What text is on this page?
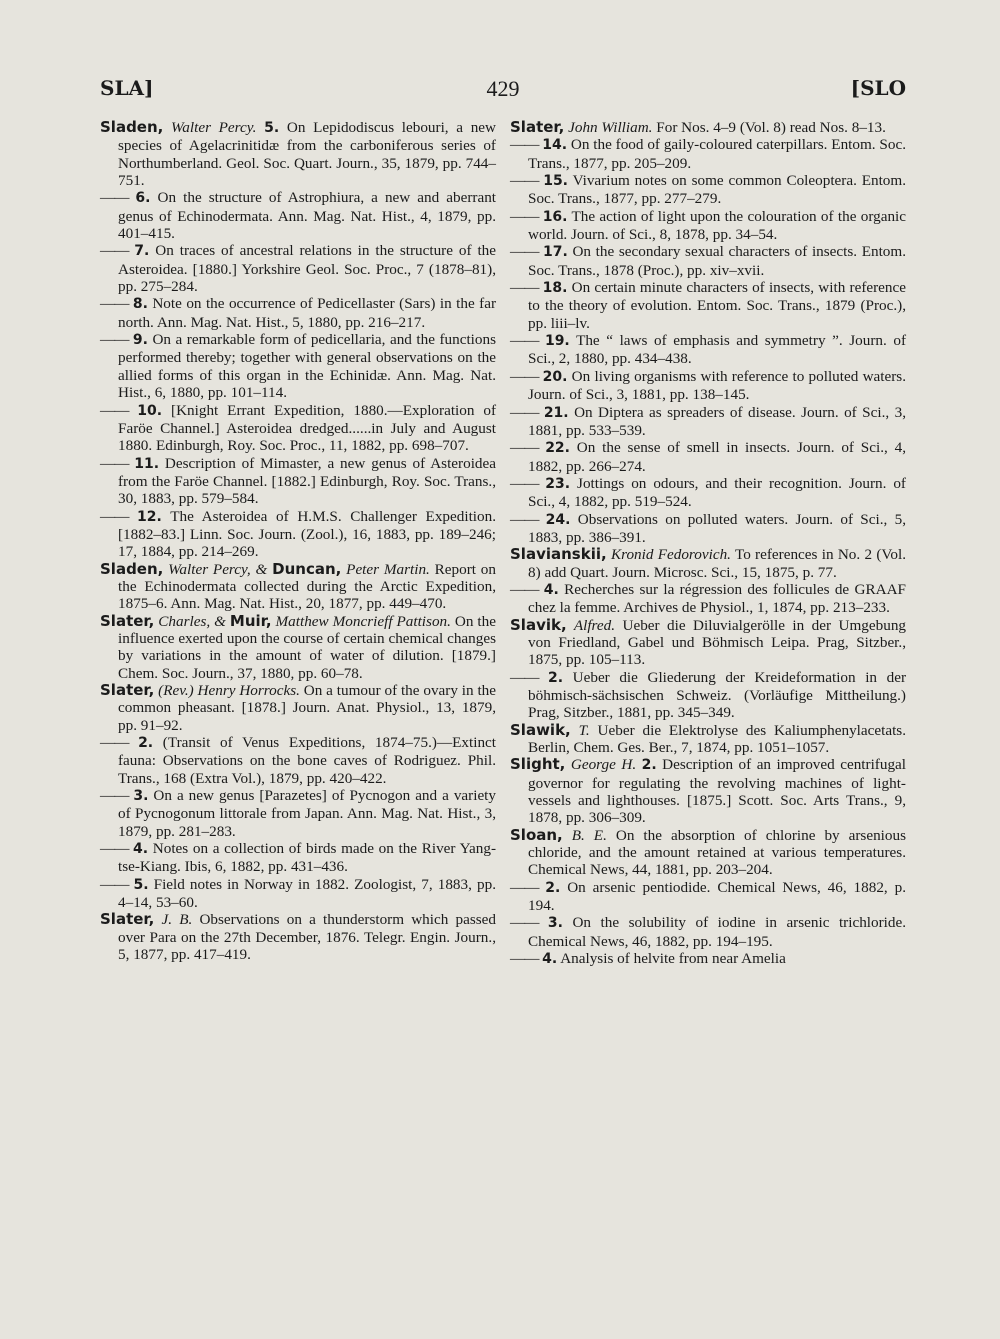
SLA]	429	[SLO

Sladen, Walter Percy. 5. On Lepidodiscus lebouri, a new species of Agelacrinitidæ from the carboniferous series of Northumberland. Geol. Soc. Quart. Journ., 35, 1879, pp. 744–751.

—— 6. On the structure of Astrophiura, a new and aberrant genus of Echinodermata. Ann. Mag. Nat. Hist., 4, 1879, pp. 401–415.

—— 7. On traces of ancestral relations in the structure of the Asteroidea. [1880.] Yorkshire Geol. Soc. Proc., 7 (1878–81), pp. 275–284.

—— 8. Note on the occurrence of Pedicellaster (Sars) in the far north. Ann. Mag. Nat. Hist., 5, 1880, pp. 216–217.

—— 9. On a remarkable form of pedicellaria, and the functions performed thereby; together with general observations on the allied forms of this organ in the Echinidæ. Ann. Mag. Nat. Hist., 6, 1880, pp. 101–114.

—— 10. [Knight Errant Expedition, 1880.—Exploration of Faröe Channel.] Asteroidea dredged......in July and August 1880. Edinburgh, Roy. Soc. Proc., 11, 1882, pp. 698–707.

—— 11. Description of Mimaster, a new genus of Asteroidea from the Faröe Channel. [1882.] Edinburgh, Roy. Soc. Trans., 30, 1883, pp. 579–584.

—— 12. The Asteroidea of H.M.S. Challenger Expedition. [1882–83.] Linn. Soc. Journ. (Zool.), 16, 1883, pp. 189–246; 17, 1884, pp. 214–269.

Sladen, Walter Percy, & Duncan, Peter Martin. Report on the Echinodermata collected during the Arctic Expedition, 1875–6. Ann. Mag. Nat. Hist., 20, 1877, pp. 449–470.

Slater, Charles, & Muir, Matthew Moncrieff Pattison. On the influence exerted upon the course of certain chemical changes by variations in the amount of water of dilution. [1879.] Chem. Soc. Journ., 37, 1880, pp. 60–78.

Slater, (Rev.) Henry Horrocks. On a tumour of the ovary in the common pheasant. [1878.] Journ. Anat. Physiol., 13, 1879, pp. 91–92.

—— 2. (Transit of Venus Expeditions, 1874–75.)—Extinct fauna: Observations on the bone caves of Rodriguez. Phil. Trans., 168 (Extra Vol.), 1879, pp. 420–422.

—— 3. On a new genus [Parazetes] of Pycnogon and a variety of Pycnogonum littorale from Japan. Ann. Mag. Nat. Hist., 3, 1879, pp. 281–283.

—— 4. Notes on a collection of birds made on the River Yang-tse-Kiang. Ibis, 6, 1882, pp. 431–436.

—— 5. Field notes in Norway in 1882. Zoologist, 7, 1883, pp. 4–14, 53–60.

Slater, J. B. Observations on a thunderstorm which passed over Para on the 27th December, 1876. Telegr. Engin. Journ., 5, 1877, pp. 417–419.

Slater, John William. For Nos. 4–9 (Vol. 8) read Nos. 8–13.

—— 14. On the food of gaily-coloured caterpillars. Entom. Soc. Trans., 1877, pp. 205–209.

—— 15. Vivarium notes on some common Coleoptera. Entom. Soc. Trans., 1877, pp. 277–279.

—— 16. The action of light upon the colouration of the organic world. Journ. of Sci., 8, 1878, pp. 34–54.

—— 17. On the secondary sexual characters of insects. Entom. Soc. Trans., 1878 (Proc.), pp. xiv–xvii.

—— 18. On certain minute characters of insects, with reference to the theory of evolution. Entom. Soc. Trans., 1879 (Proc.), pp. liii–lv.

—— 19. The “ laws of emphasis and symmetry ”. Journ. of Sci., 2, 1880, pp. 434–438.

—— 20. On living organisms with reference to polluted waters. Journ. of Sci., 3, 1881, pp. 138–145.

—— 21. On Diptera as spreaders of disease. Journ. of Sci., 3, 1881, pp. 533–539.

—— 22. On the sense of smell in insects. Journ. of Sci., 4, 1882, pp. 266–274.

—— 23. Jottings on odours, and their recognition. Journ. of Sci., 4, 1882, pp. 519–524.

—— 24. Observations on polluted waters. Journ. of Sci., 5, 1883, pp. 386–391.

Slavianskii, Kronid Fedorovich. To references in No. 2 (Vol. 8) add Quart. Journ. Microsc. Sci., 15, 1875, p. 77.

—— 4. Recherches sur la régression des follicules de GRAAF chez la femme. Archives de Physiol., 1, 1874, pp. 213–233.

Slavik, Alfred. Ueber die Diluvialgerölle in der Umgebung von Friedland, Gabel und Böhmisch Leipa. Prag, Sitzber., 1875, pp. 105–113.

—— 2. Ueber die Gliederung der Kreideformation in der böhmisch-sächsischen Schweiz. (Vorläufige Mittheilung.) Prag, Sitzber., 1881, pp. 345–349.

Slawik, T. Ueber die Elektrolyse des Kaliumphenylacetats. Berlin, Chem. Ges. Ber., 7, 1874, pp. 1051–1057.

Slight, George H. 2. Description of an improved centrifugal governor for regulating the revolving machines of light-vessels and lighthouses. [1875.] Scott. Soc. Arts Trans., 9, 1878, pp. 306–309.

Sloan, B. E. On the absorption of chlorine by arsenious chloride, and the amount retained at various temperatures. Chemical News, 44, 1881, pp. 203–204.

—— 2. On arsenic pentiodide. Chemical News, 46, 1882, p. 194.

—— 3. On the solubility of iodine in arsenic trichloride. Chemical News, 46, 1882, pp. 194–195.

—— 4. Analysis of helvite from near Amelia
